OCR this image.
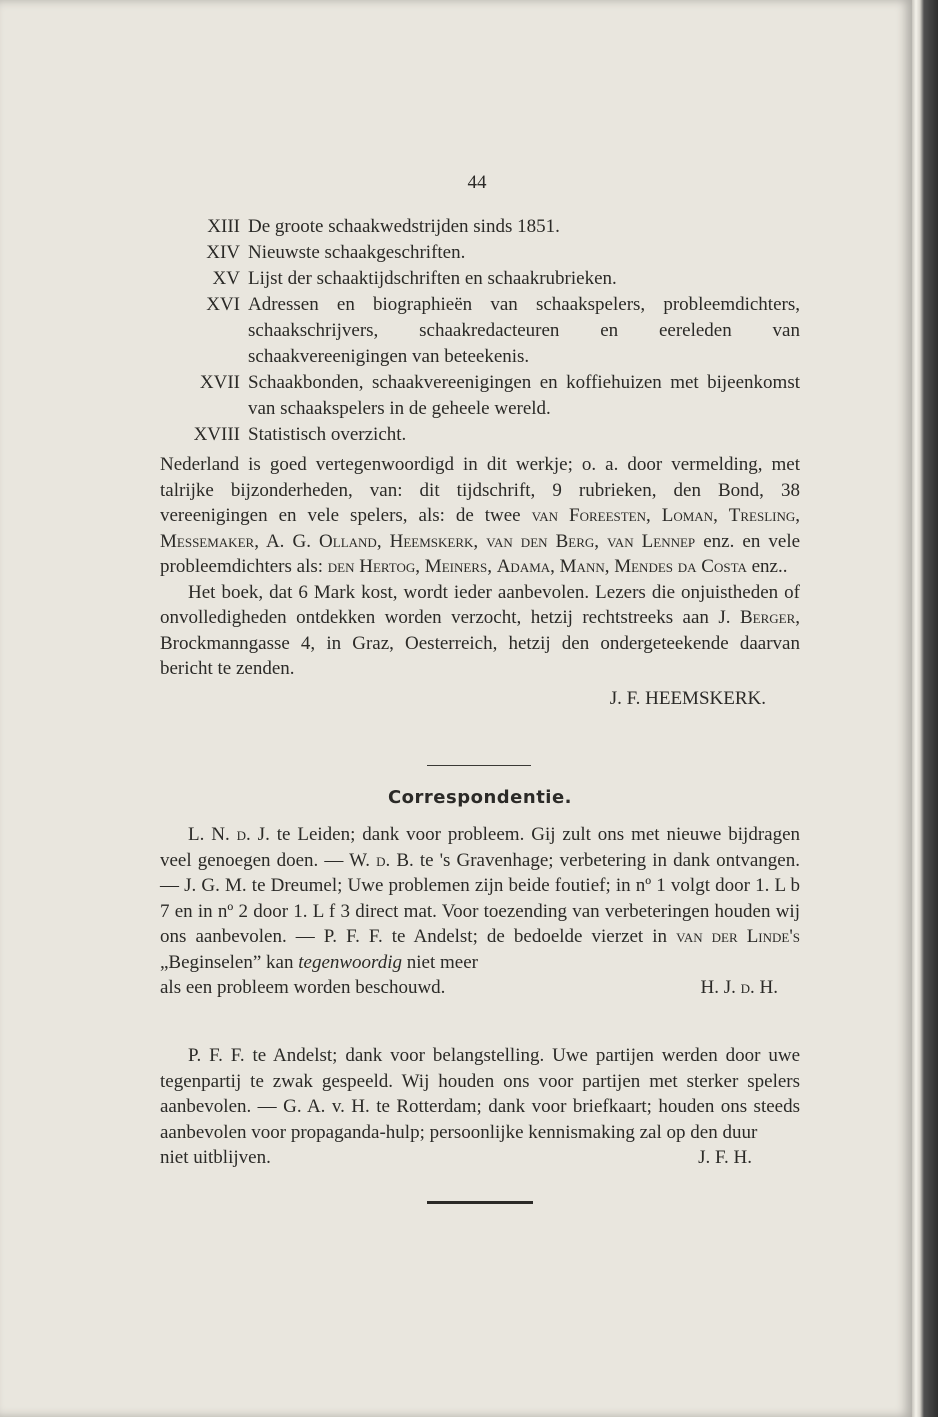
44
XIII De groote schaakwedstrijden sinds 1851.
XIV Nieuwste schaakgeschriften.
XV Lijst der schaaktijdschriften en schaakrubrieken.
XVI Adressen en biographieën van schaakspelers, probleemdichters, schaakschrijvers, schaakredacteuren en eereleden van schaakvereenigingen van beteekenis.
XVII Schaakbonden, schaakvereenigingen en koffiehuizen met bijeenkomst van schaakspelers in de geheele wereld.
XVIII Statistisch overzicht.

Nederland is goed vertegenwoordigd in dit werkje; o. a. door vermelding, met talrijke bijzonderheden, van: dit tijdschrift, 9 rubrieken, den Bond, 38 vereenigingen en vele spelers, als: de twee van Foreesten, Loman, Tresling, Messemaker, A. G. Olland, Heemskerk, van den Berg, van Lennep enz. en vele probleemdichters als: den Hertog, Meiners, Adama, Mann, Mendes da Costa enz..

Het boek, dat 6 Mark kost, wordt ieder aanbevolen. Lezers die onjuistheden of onvolledigheden ontdekken worden verzocht, hetzij rechtstreeks aan J. Berger, Brockmanngasse 4, in Graz, Oesterreich, hetzij den ondergeteekende daarvan bericht te zenden.

J. F. HEEMSKERK.

Correspondentie.

L. N. d. J. te Leiden; dank voor probleem. Gij zult ons met nieuwe bijdragen veel genoegen doen. — W. d. B. te 's Gravenhage; verbetering in dank ontvangen. — J. G. M. te Dreumel; Uwe problemen zijn beide foutief; in nº 1 volgt door 1. L b 7 en in nº 2 door 1. L f 3 direct mat. Voor toezending van verbeteringen houden wij ons aanbevolen. — P. F. F. te Andelst; de bedoelde vierzet in van der Linde's „Beginselen” kan tegenwoordig niet meer

als een probleem worden beschouwd.	H. J. d. H.

P. F. F. te Andelst; dank voor belangstelling. Uwe partijen werden door uwe tegenpartij te zwak gespeeld. Wij houden ons voor partijen met sterker spelers aanbevolen. — G. A. v. H. te Rotterdam; dank voor briefkaart; houden ons steeds aanbevolen voor propaganda-hulp; persoonlijke kennismaking zal op den duur

niet uitblijven.	J. F. H.
